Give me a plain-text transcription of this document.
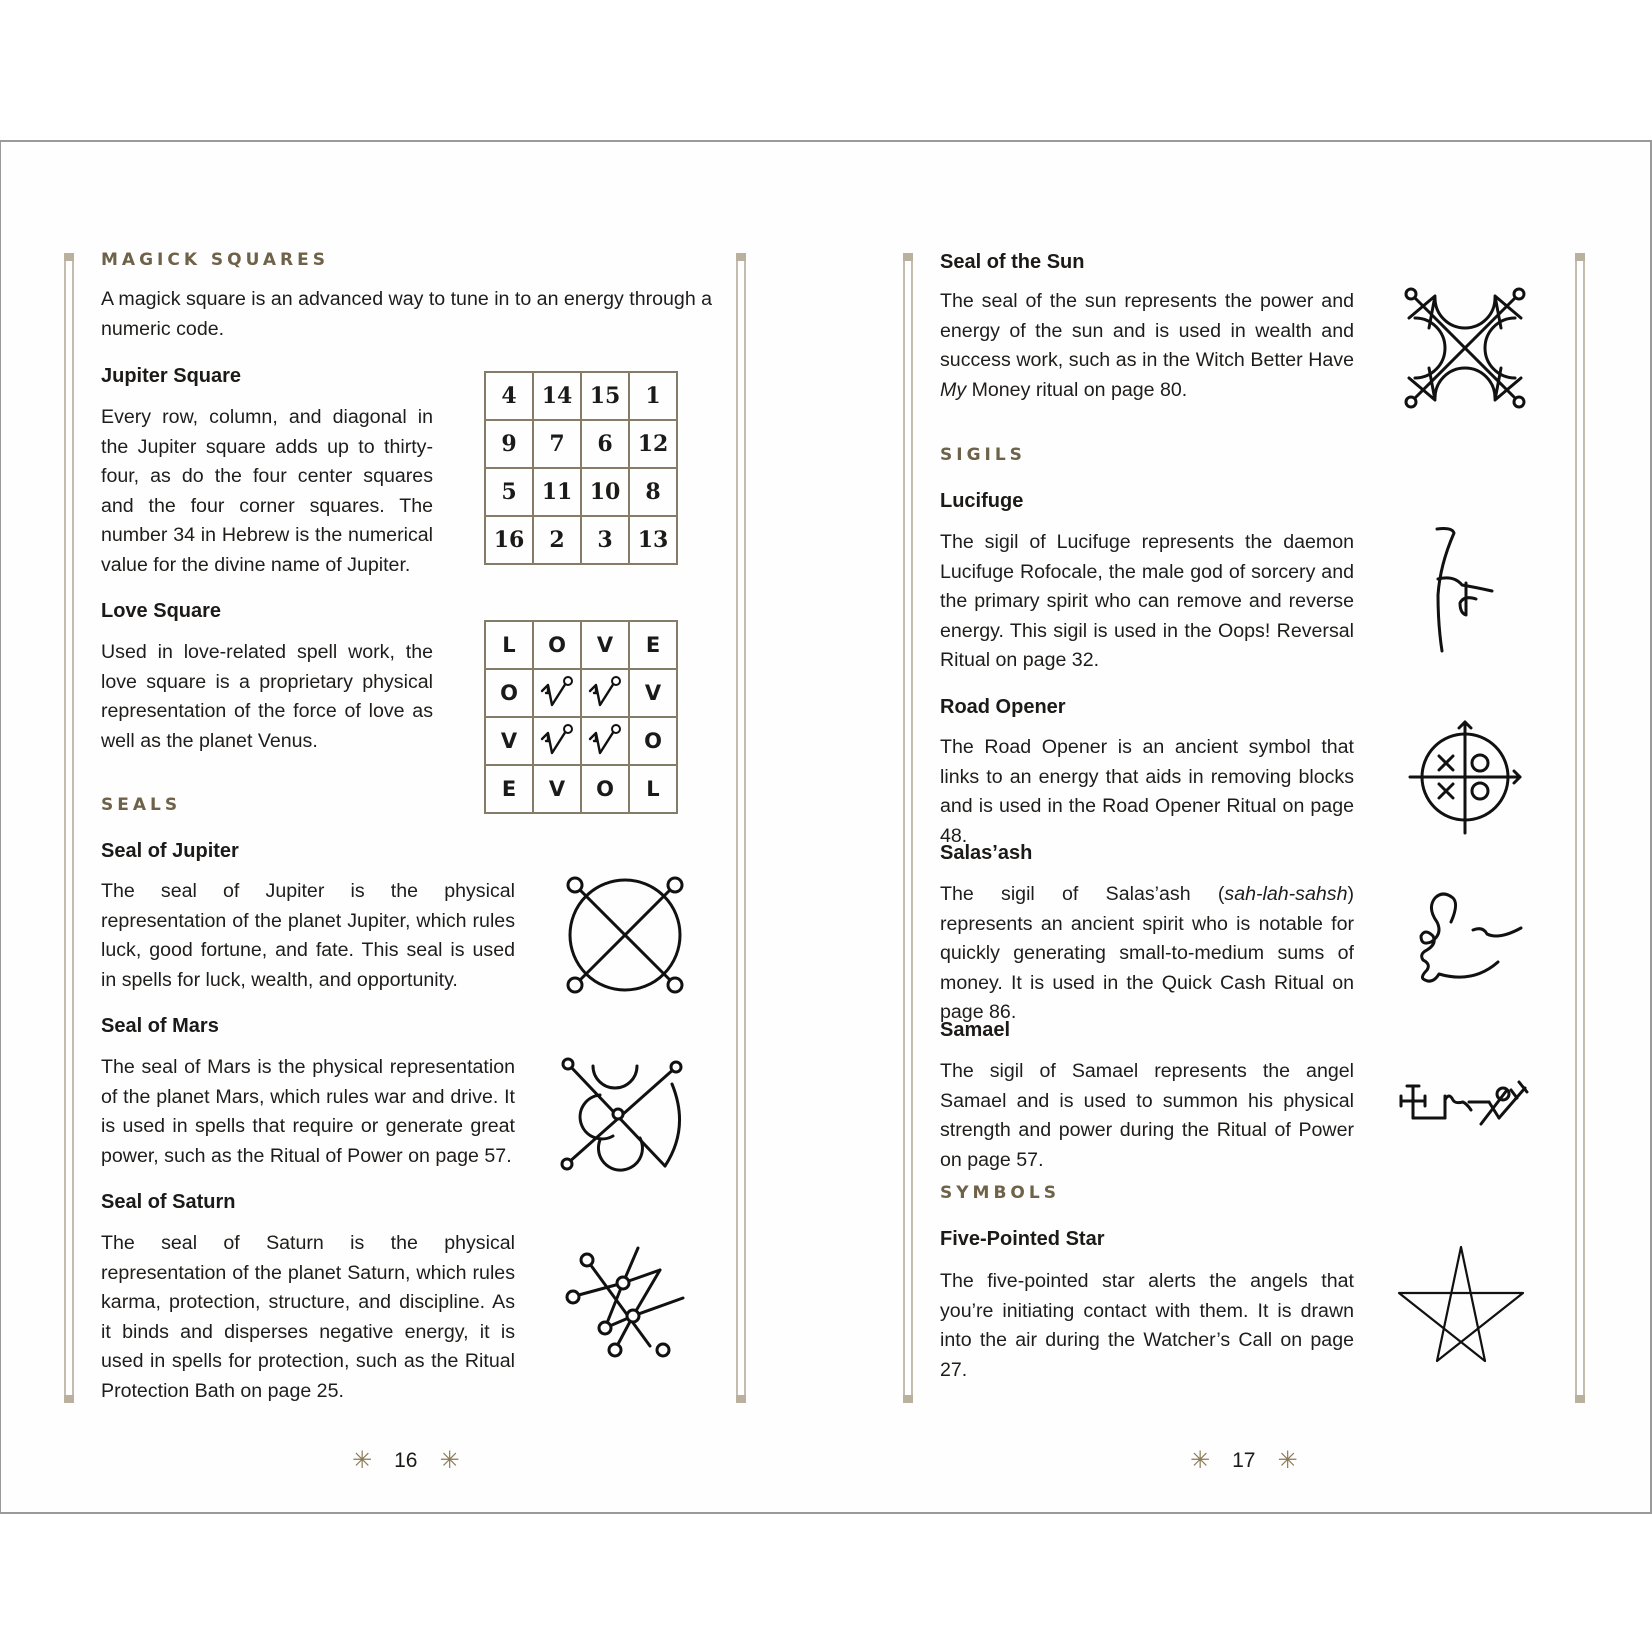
MAGICK SQUARES
A magick square is an advanced way to tune in to an energy through a numeric code.
Jupiter Square
Every row, column, and diagonal in the Jupiter square adds up to thirty-four, as do the four center squares and the four corner squares. The number 34 in Hebrew is the numerical value for the divine name of Jupiter.
4	14	15	1
9	7	6	12
5	11	10	8
16	2	3	13
Love Square
Used in love-related spell work, the love square is a proprietary physical representation of the force of love as well as the planet Venus.
L	O	V	E
O			V
V			O
E	V	O	L
SEALS
Seal of Jupiter
The seal of Jupiter is the physical representation of the planet Jupiter, which rules luck, good fortune, and fate. This seal is used in spells for luck, wealth, and opportunity.
Seal of Mars
The seal of Mars is the physical representation of the planet Mars, which rules war and drive. It is used in spells that require or generate great power, such as the Ritual of Power on page 57.
Seal of Saturn
The seal of Saturn is the physical representation of the planet Saturn, which rules karma, protection, structure, and discipline. As it binds and disperses negative energy, it is used in spells for protection, such as the Ritual Protection Bath on page 25.
✳ 16 ✳
Seal of the Sun
The seal of the sun represents the power and energy of the sun and is used in wealth and success work, such as in the Witch Better Have My Money ritual on page 80.
SIGILS
Lucifuge
The sigil of Lucifuge represents the daemon Lucifuge Rofocale, the male god of sorcery and the primary spirit who can remove and reverse energy. This sigil is used in the Oops! Reversal Ritual on page 32.
Road Opener
The Road Opener is an ancient symbol that links to an energy that aids in removing blocks and is used in the Road Opener Ritual on page 48.
Salas’ash
The sigil of Salas’ash (sah-lah-sahsh) represents an ancient spirit who is notable for quickly generating small-to-medium sums of money. It is used in the Quick Cash Ritual on page 86.
Samael
The sigil of Samael represents the angel Samael and is used to summon his physical strength and power during the Ritual of Power on page 57.
SYMBOLS
Five-Pointed Star
The five-pointed star alerts the angels that you’re initiating contact with them. It is drawn into the air during the Watcher’s Call on page 27.
✳ 17 ✳
